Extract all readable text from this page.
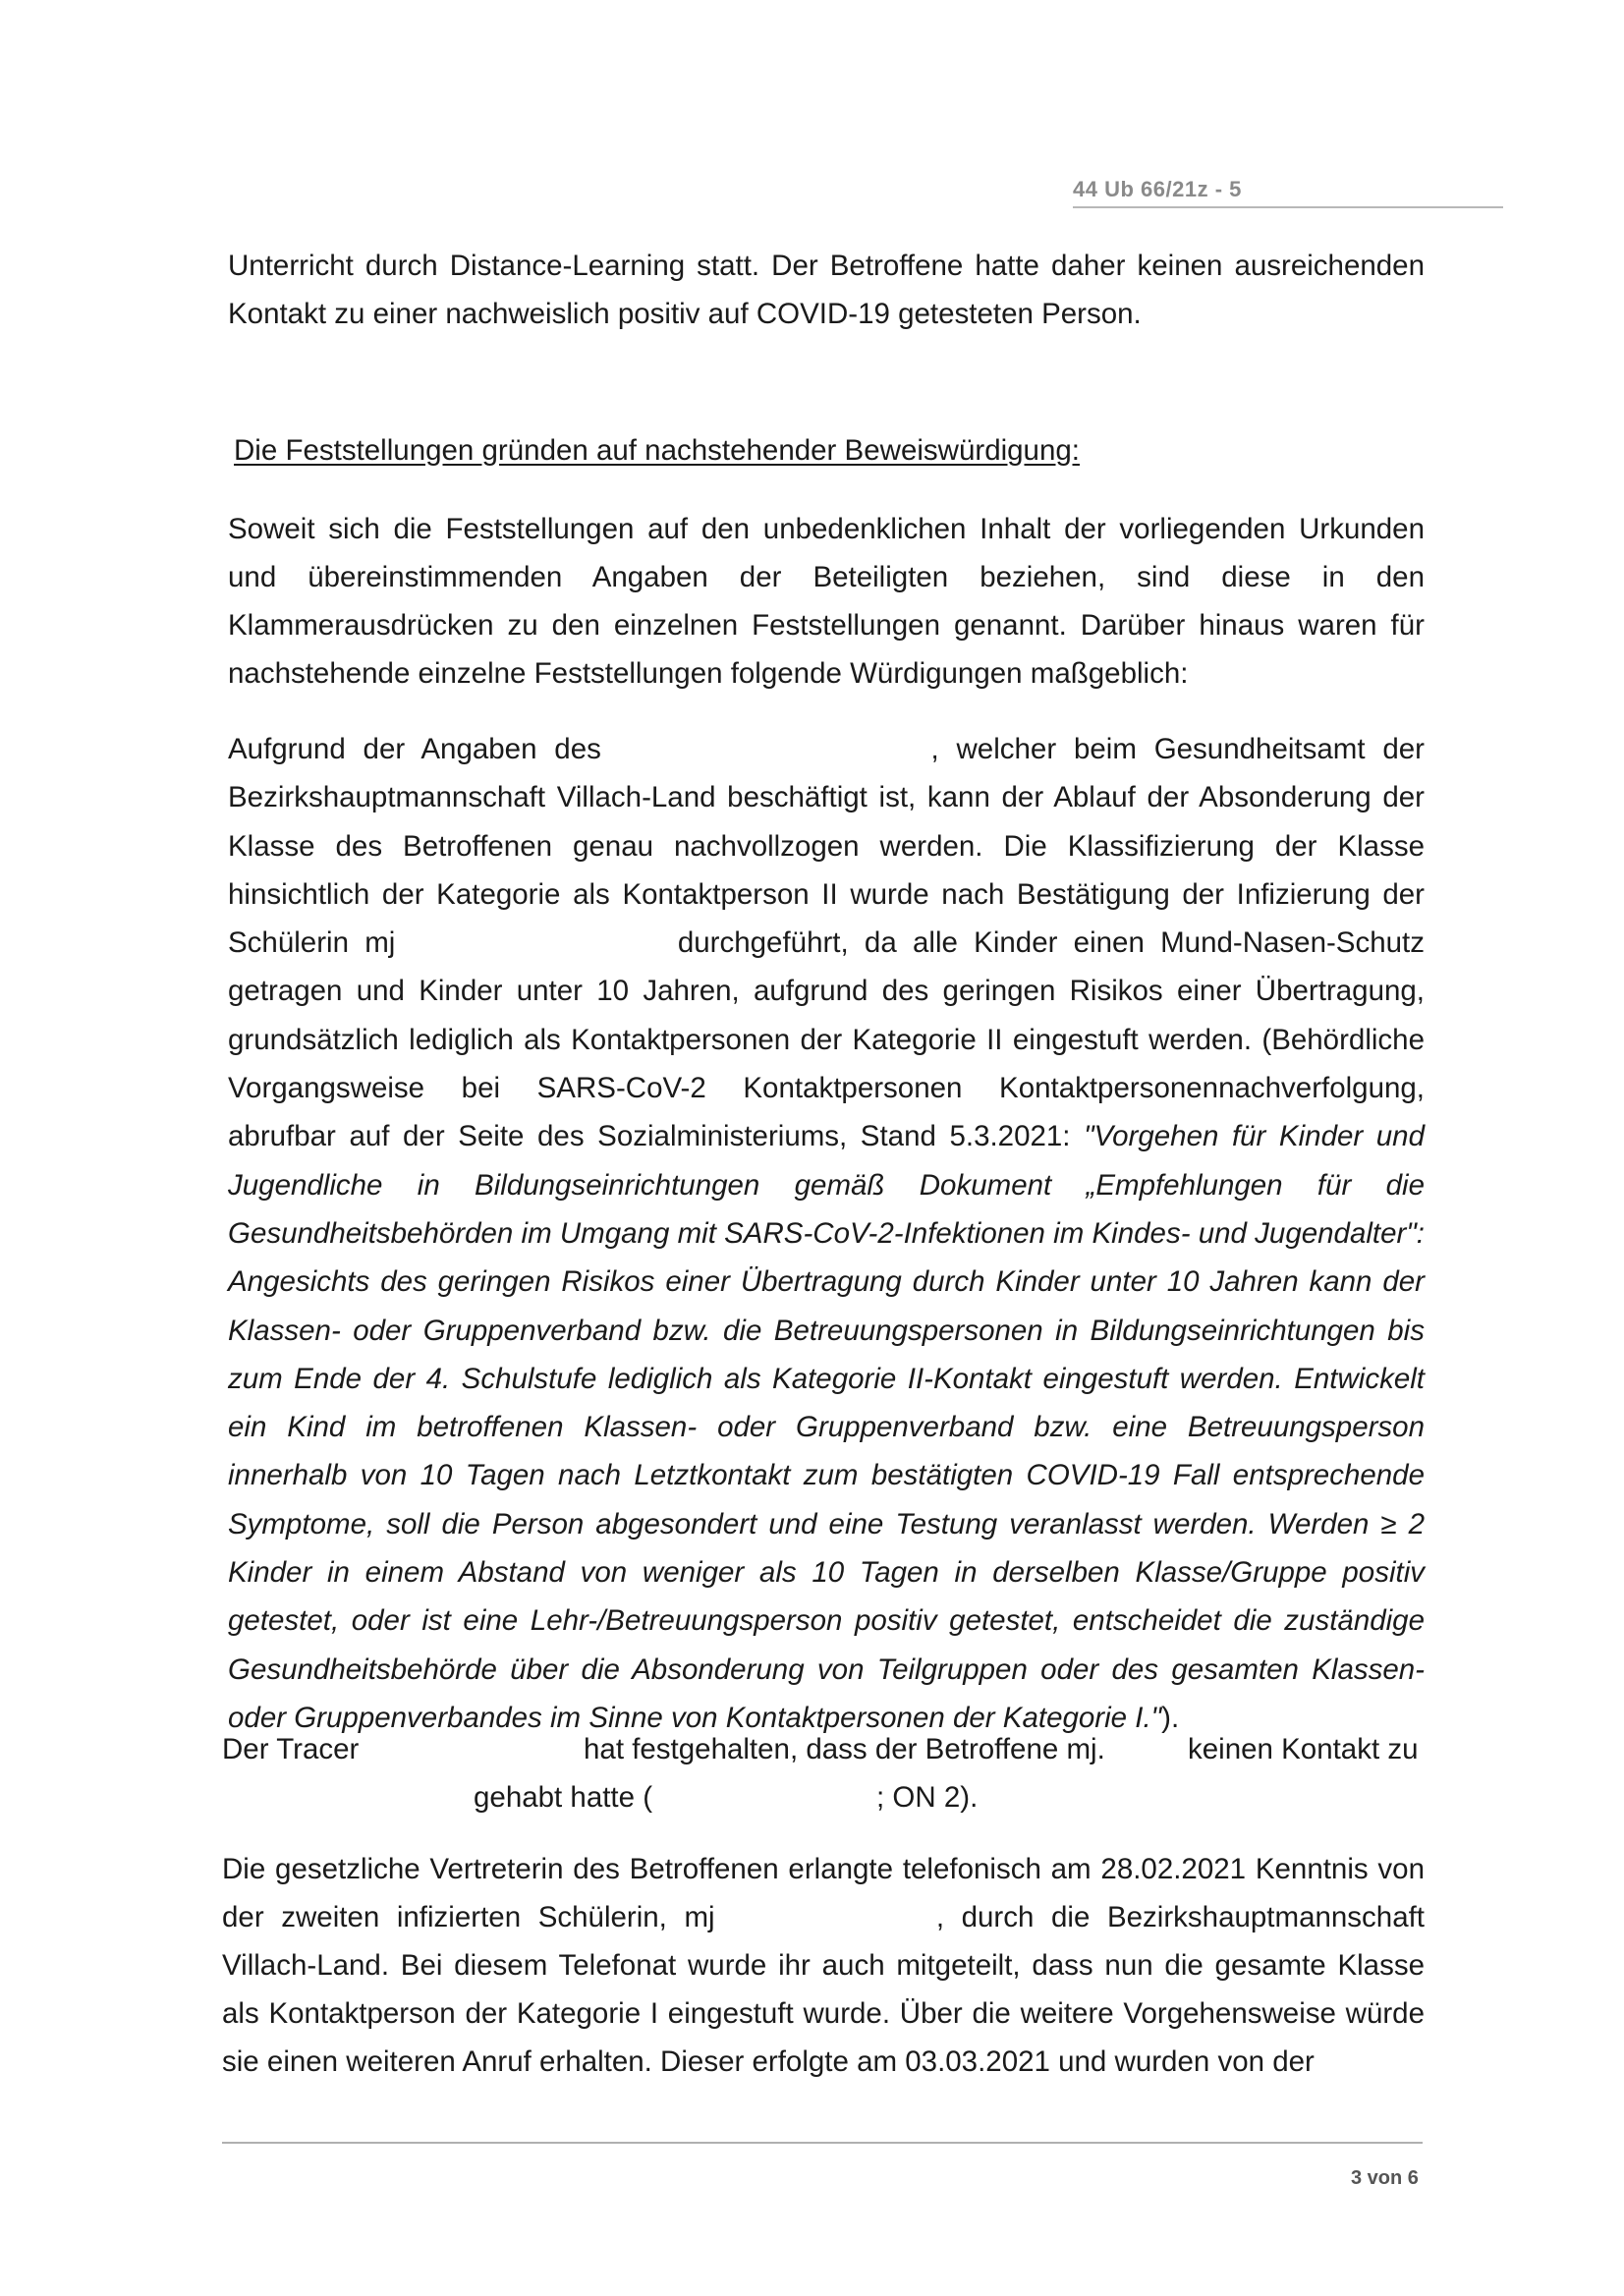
44 Ub 66/21z - 5

Unterricht durch Distance-Learning statt. Der Betroffene hatte daher keinen ausreichenden Kontakt zu einer nachweislich positiv auf COVID-19 getesteten Person.

Die Feststellungen gründen auf nachstehender Beweiswürdigung:

Soweit sich die Feststellungen auf den unbedenklichen Inhalt der vorliegenden Urkunden und übereinstimmenden Angaben der Beteiligten beziehen, sind diese in den Klammerausdrücken zu den einzelnen Feststellungen genannt. Darüber hinaus waren für nachstehende einzelne Feststellungen folgende Würdigungen maßgeblich:

Aufgrund der Angaben des	, welcher beim Gesundheitsamt der Bezirkshauptmannschaft Villach-Land beschäftigt ist, kann der Ablauf der Absonderung der Klasse des Betroffenen genau nachvollzogen werden. Die Klassifizierung der Klasse hinsichtlich der Kategorie als Kontaktperson II wurde nach Bestätigung der Infizierung der Schülerin mj	durchgeführt, da alle Kinder einen Mund-Nasen-Schutz getragen und Kinder unter 10 Jahren, aufgrund des geringen Risikos einer Übertragung, grundsätzlich lediglich als Kontaktpersonen der Kategorie II eingestuft werden. (Behördliche Vorgangsweise bei SARS-CoV-2 Kontaktpersonen Kontaktpersonennachverfolgung, abrufbar auf der Seite des Sozialministeriums, Stand 5.3.2021: "Vorgehen für Kinder und Jugendliche in Bildungseinrichtungen gemäß Dokument „Empfehlungen für die Gesundheitsbehörden im Umgang mit SARS-CoV-2-Infektionen im Kindes- und Jugendalter": Angesichts des geringen Risikos einer Übertragung durch Kinder unter 10 Jahren kann der Klassen- oder Gruppenverband bzw. die Betreuungspersonen in Bildungseinrichtungen bis zum Ende der 4. Schulstufe lediglich als Kategorie II-Kontakt eingestuft werden. Entwickelt ein Kind im betroffenen Klassen- oder Gruppenverband bzw. eine Betreuungsperson innerhalb von 10 Tagen nach Letztkontakt zum bestätigten COVID-19 Fall entsprechende Symptome, soll die Person abgesondert und eine Testung veranlasst werden. Werden ≥ 2 Kinder in einem Abstand von weniger als 10 Tagen in derselben Klasse/Gruppe positiv getestet, oder ist eine Lehr-/Betreuungsperson positiv getestet, entscheidet die zuständige Gesundheitsbehörde über die Absonderung von Teilgruppen oder des gesamten Klassen- oder Gruppenverbandes im Sinne von Kontaktpersonen der Kategorie I.").

Der Tracer	hat festgehalten, dass der Betroffene mj.	keinen Kontakt zu
gehabt hatte (	; ON 2).

Die gesetzliche Vertreterin des Betroffenen erlangte telefonisch am 28.02.2021 Kenntnis von der zweiten infizierten Schülerin, mj	, durch die Bezirkshauptmannschaft Villach-Land. Bei diesem Telefonat wurde ihr auch mitgeteilt, dass nun die gesamte Klasse als Kontaktperson der Kategorie I eingestuft wurde. Über die weitere Vorgehensweise würde sie einen weiteren Anruf erhalten. Dieser erfolgte am 03.03.2021 und wurden von der

3 von 6
